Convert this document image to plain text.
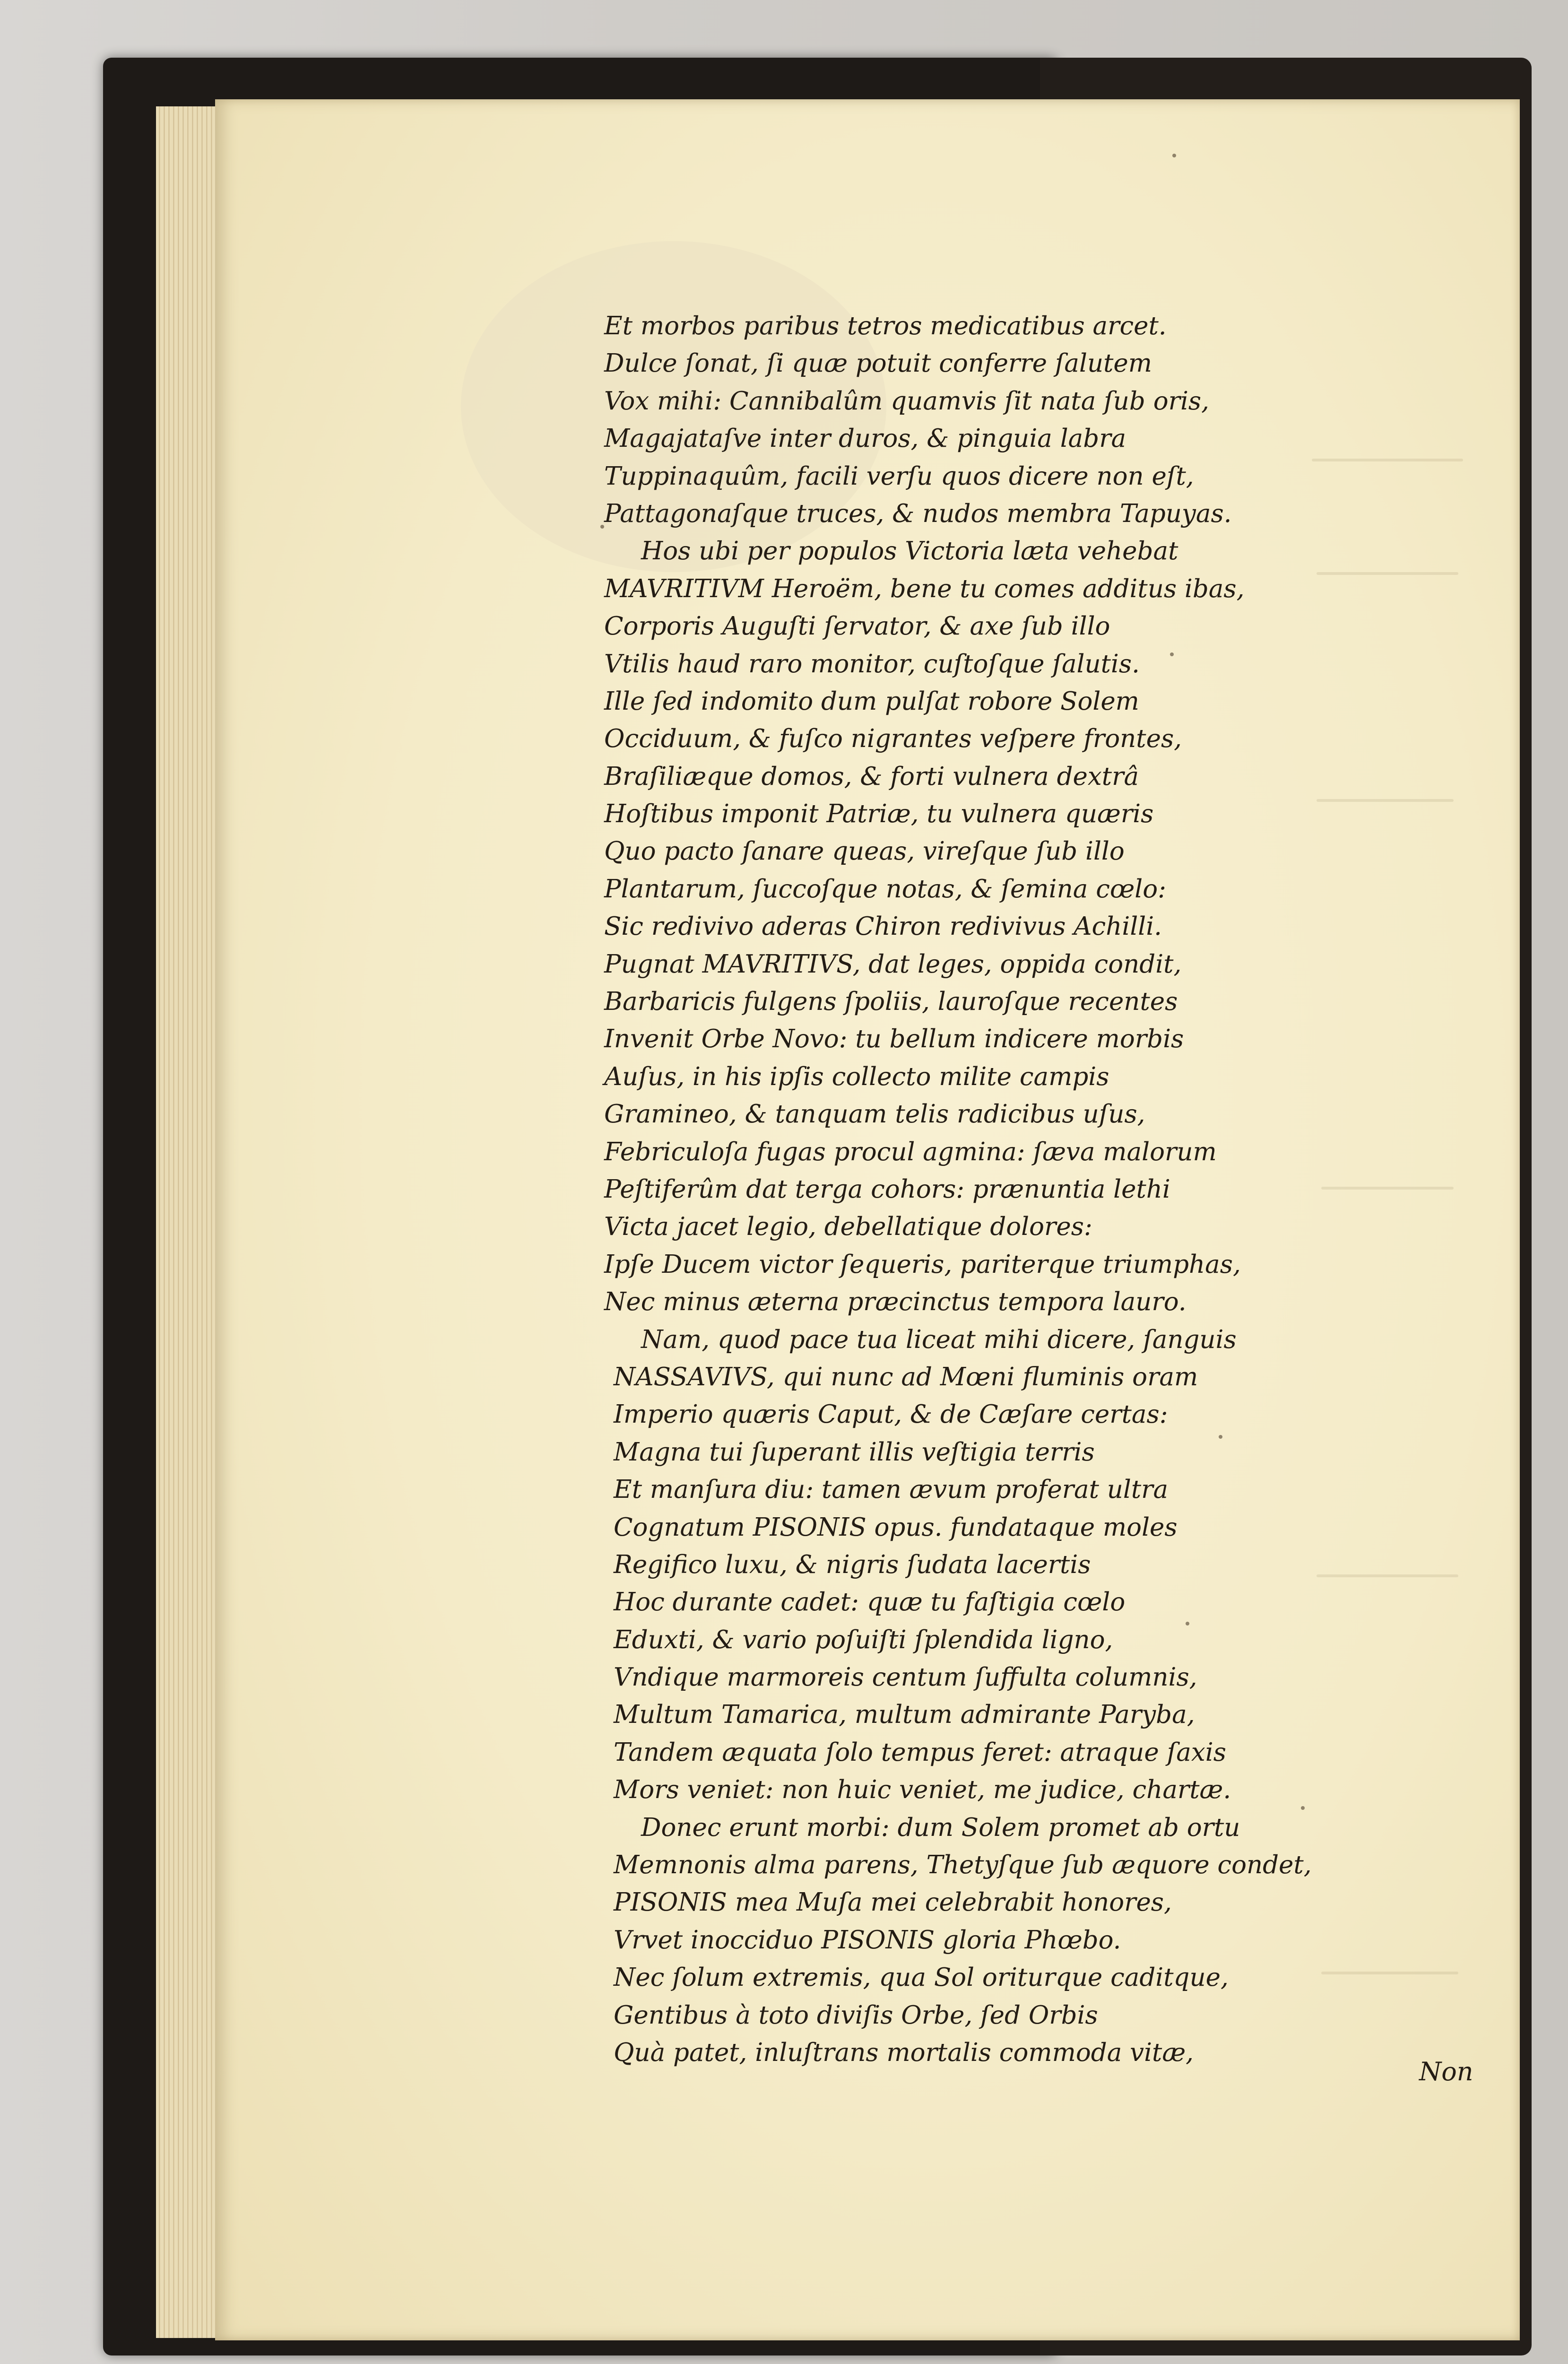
Et morbos paribus tetros medicatibus arcet.
Dulce ſonat, ſi quæ potuit conferre ſalutem
Vox mihi: Cannibalûm quamvis ſit nata ſub oris,
Magajataſve inter duros, & pinguia labra
Tuppinaquûm, facili verſu quos dicere non eſt,
Pattagonaſque truces, & nudos membra Tapuyas.
Hos ubi per populos Victoria læta vehebat
MAVRITIVM Heroëm, bene tu comes additus ibas,
Corporis Auguſti ſervator, & axe ſub illo
Vtilis haud raro monitor, cuſtoſque ſalutis.
Ille ſed indomito dum pulſat robore Solem
Occiduum, & fuſco nigrantes veſpere frontes,
Braſiliæque domos, & forti vulnera dextrâ
Hoſtibus imponit Patriæ, tu vulnera quæris
Quo pacto ſanare queas, vireſque ſub illo
Plantarum, ſuccoſque notas, & ſemina cœlo:
Sic redivivo aderas Chiron redivivus Achilli.
Pugnat MAVRITIVS, dat leges, oppida condit,
Barbaricis fulgens ſpoliis, lauroſque recentes
Invenit Orbe Novo: tu bellum indicere morbis
Auſus, in his ipſis collecto milite campis
Gramineo, & tanquam telis radicibus uſus,
Febriculoſa fugas procul agmina: ſæva malorum
Peſtiferûm dat terga cohors: prænuntia lethi
Victa jacet legio, debellatique dolores:
Ipſe Ducem victor ſequeris, pariterque triumphas,
Nec minus æterna præcinctus tempora lauro.
Nam, quod pace tua liceat mihi dicere, ſanguis
NASSAVIVS, qui nunc ad Mœni fluminis oram
Imperio quæris Caput, & de Cæſare certas:
Magna tui ſuperant illis veſtigia terris
Et manſura diu: tamen ævum proferat ultra
Cognatum PISONIS opus. fundataque moles
Regifico luxu, & nigris ſudata lacertis
Hoc durante cadet: quæ tu faſtigia cœlo
Eduxti, & vario poſuiſti ſplendida ligno,
Vndique marmoreis centum ſuffulta columnis,
Multum Tamarica, multum admirante Paryba,
Tandem æquata ſolo tempus feret: atraque ſaxis
Mors veniet: non huic veniet, me judice, chartæ.
Donec erunt morbi: dum Solem promet ab ortu
Memnonis alma parens, Thetyſque ſub æquore condet,
PISONIS mea Muſa mei celebrabit honores,
Vrvet inocciduo PISONIS gloria Phœbo.
Nec ſolum extremis, qua Sol oriturque caditque,
Gentibus à toto diviſis Orbe, ſed Orbis
Quà patet, inluſtrans mortalis commoda vitæ,
Non
